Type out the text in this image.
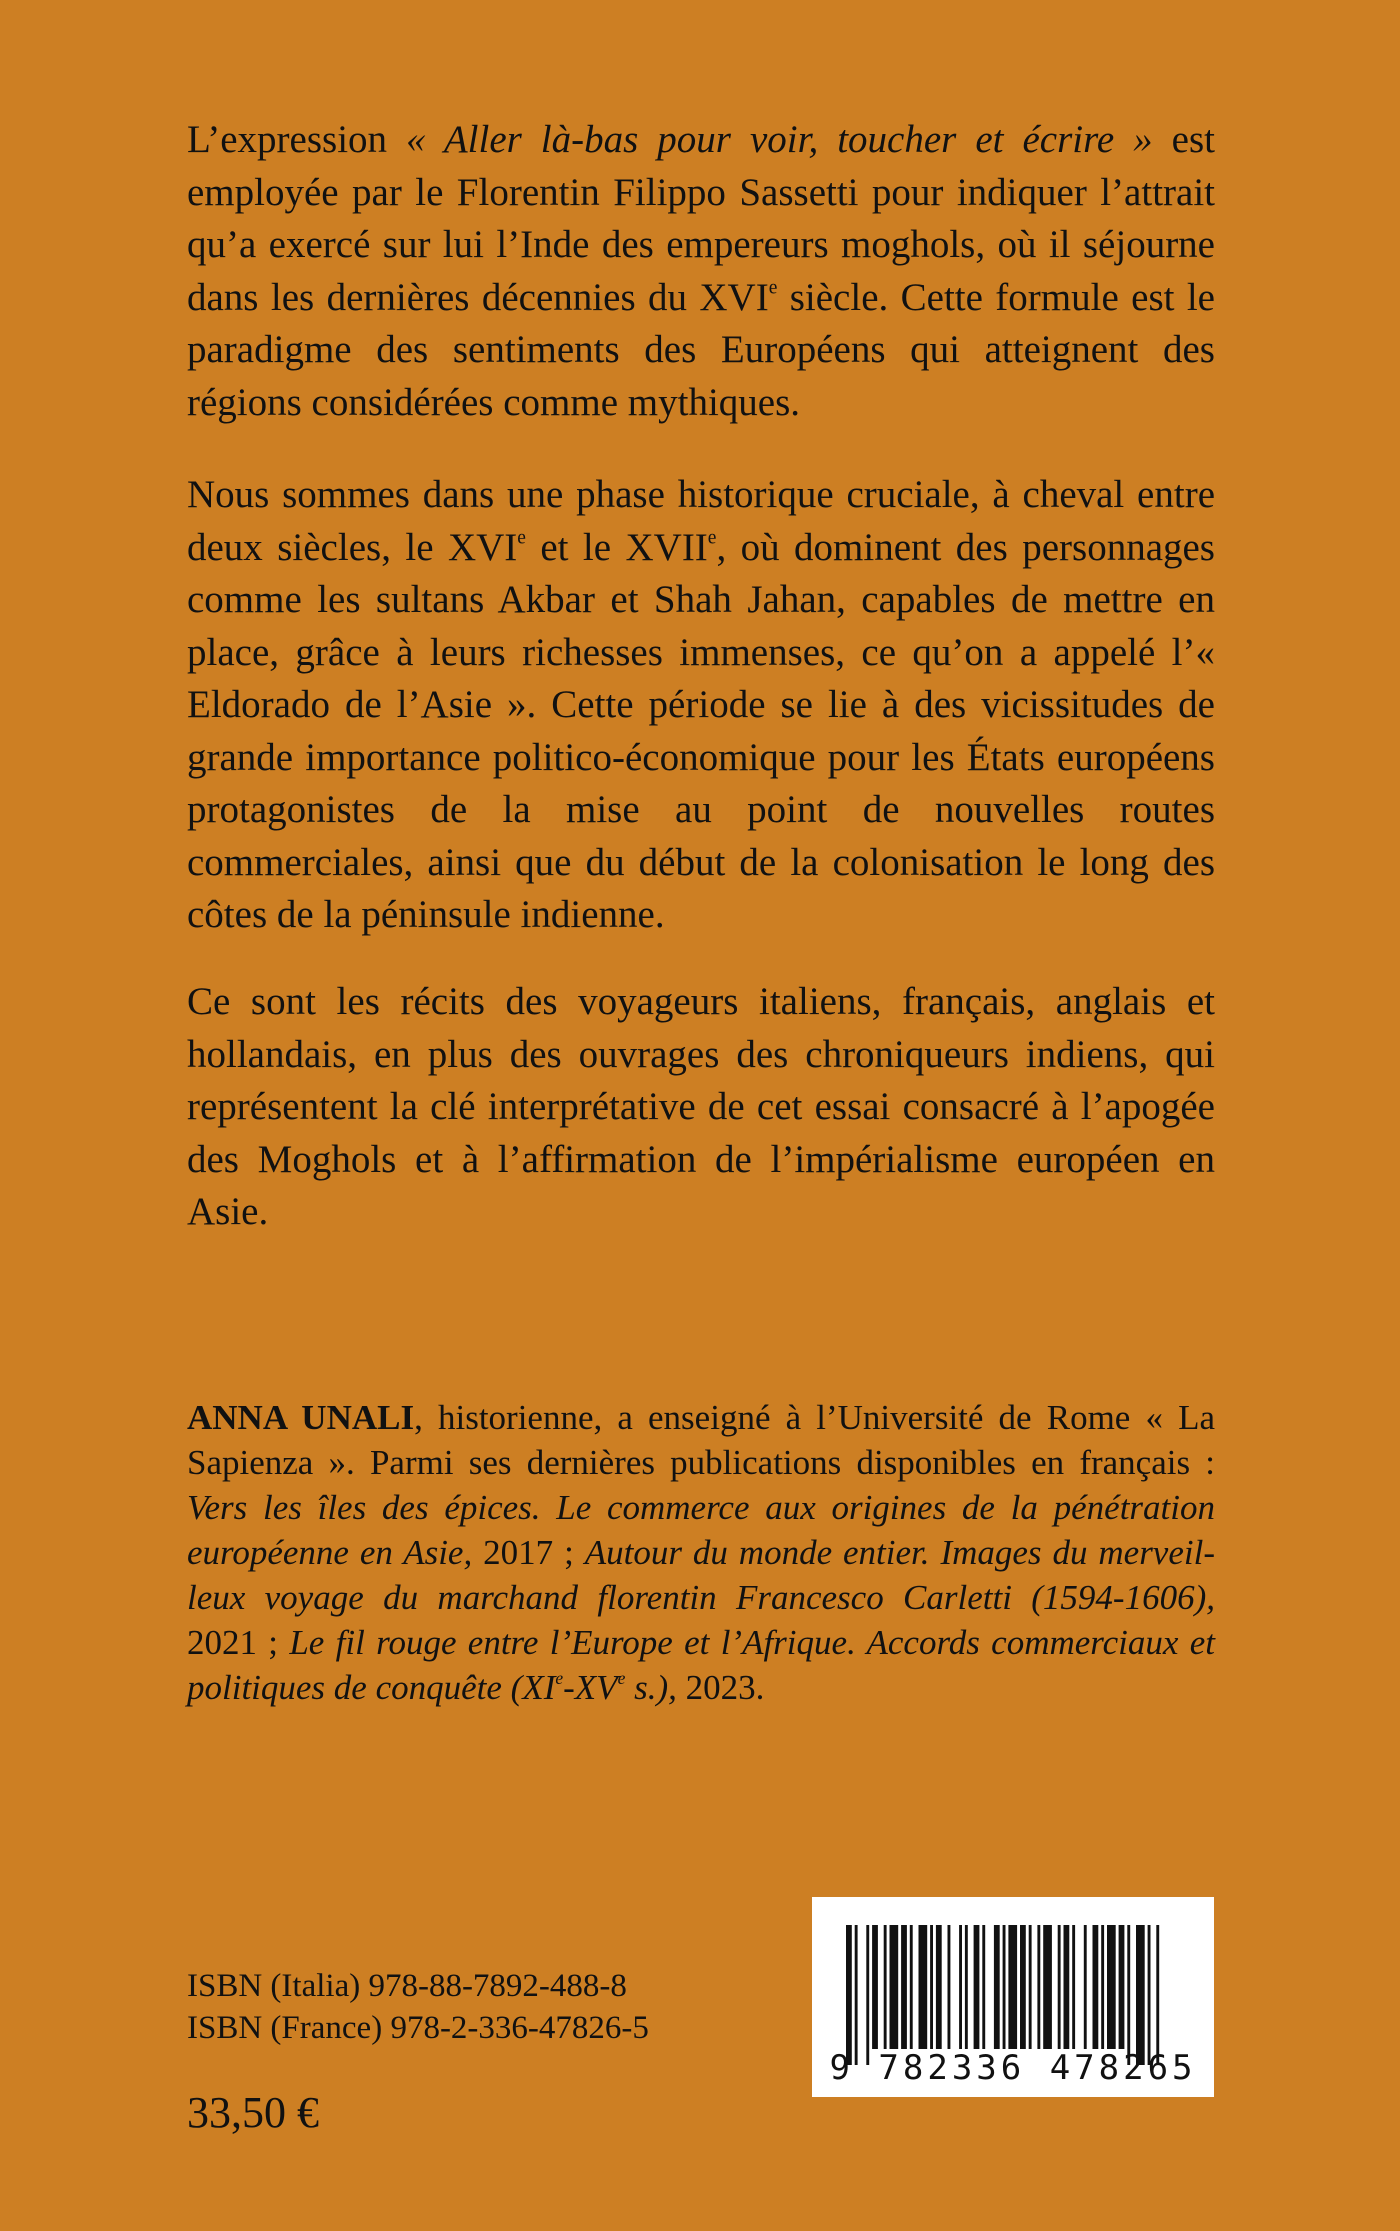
L’expression « Aller là-bas pour voir, toucher et écrire » est employée par le Florentin Filippo Sassetti pour indiquer l’attrait qu’a exercé sur lui l’Inde des empereurs moghols, où il séjourne dans les dernières décennies du XVIe siècle. Cette formule est le paradigme des sentiments des Européens qui atteignent des régions considérées comme mythiques.
Nous sommes dans une phase historique cruciale, à cheval entre deux siècles, le XVIe et le XVIIe, où dominent des personnages comme les sultans Akbar et Shah Jahan, capables de mettre en place, grâce à leurs richesses immenses, ce qu’on a appelé l’« Eldorado de l’Asie ». Cette période se lie à des vicissitudes de grande importance politico-économique pour les États européens protagonistes de la mise au point de nouvelles routes commerciales, ainsi que du début de la colonisation le long des côtes de la péninsule indienne.
Ce sont les récits des voyageurs italiens, français, anglais et hollandais, en plus des ouvrages des chroniqueurs indiens, qui représentent la clé interprétative de cet essai consacré à l’apogée des Moghols et à l’affirmation de l’impérialisme européen en Asie.
ANNA UNALI, historienne, a enseigné à l’Université de Rome « La Sapienza ». Parmi ses dernières publications disponibles en français : Vers les îles des épices. Le commerce aux origines de la pénétration européenne en Asie, 2017 ; Autour du monde entier. Images du merveilleux voyage du marchand florentin Francesco Carletti (1594-1606), 2021 ; Le fil rouge entre l’Europe et l’Afrique. Accords commerciaux et politiques de conquête (XIe-XVe s.), 2023.
ISBN (Italia) 978-88-7892-488-8
ISBN (France) 978-2-336-47826-5
33,50 €
9 782336 478265
